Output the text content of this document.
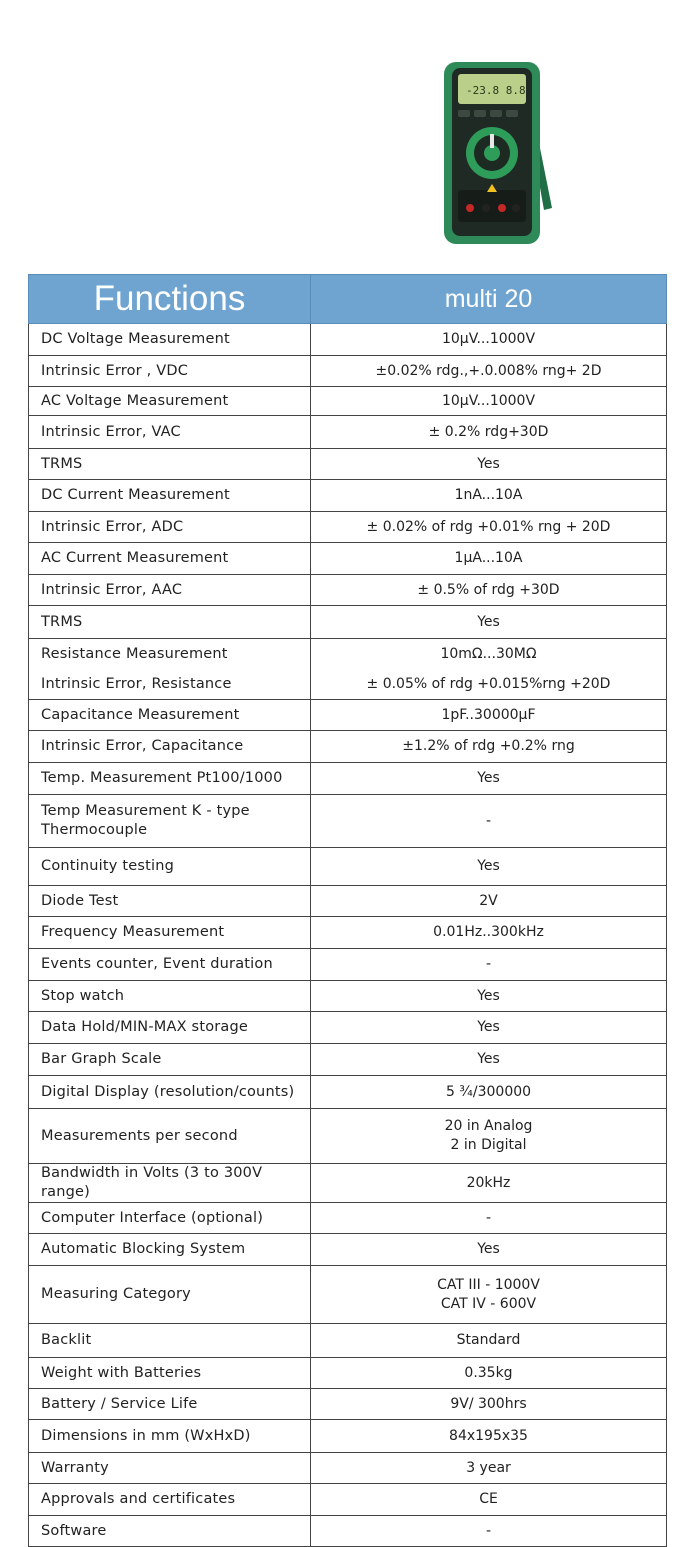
-23.8 8.8
Functions	multi 20
DC Voltage Measurement	10μV...1000V
Intrinsic Error , VDC	±0.02% rdg.,+.0.008% rng+ 2D
AC Voltage Measurement	10μV...1000V
Intrinsic Error, VAC	± 0.2% rdg+30D
TRMS	Yes
DC Current Measurement	1nA...10A
Intrinsic Error, ADC	± 0.02% of rdg +0.01% rng + 20D
AC Current Measurement	1μA...10A
Intrinsic Error, AAC	± 0.5% of rdg +30D
TRMS	Yes
Resistance Measurement	10mΩ...30MΩ
Intrinsic Error, Resistance	± 0.05% of rdg +0.015%rng +20D
Capacitance Measurement	1pF..30000μF
Intrinsic Error, Capacitance	±1.2% of rdg +0.2% rng
Temp. Measurement Pt100/1000	Yes
Temp Measurement K - type Thermocouple	-
Continuity testing	Yes
Diode Test	2V
Frequency Measurement	0.01Hz..300kHz
Events counter, Event duration	-
Stop watch	Yes
Data Hold/MIN-MAX storage	Yes
Bar Graph Scale	Yes
Digital Display (resolution/counts)	5 ¾/300000
Measurements per second	20 in Analog
2 in Digital
Bandwidth in Volts (3 to 300V range)	20kHz
Computer Interface (optional)	-
Automatic Blocking System	Yes
Measuring Category	CAT III - 1000V
CAT IV - 600V
Backlit	Standard
Weight with Batteries	0.35kg
Battery / Service Life	9V/ 300hrs
Dimensions in mm (WxHxD)	84x195x35
Warranty	3 year
Approvals and certificates	CE
Software	-
